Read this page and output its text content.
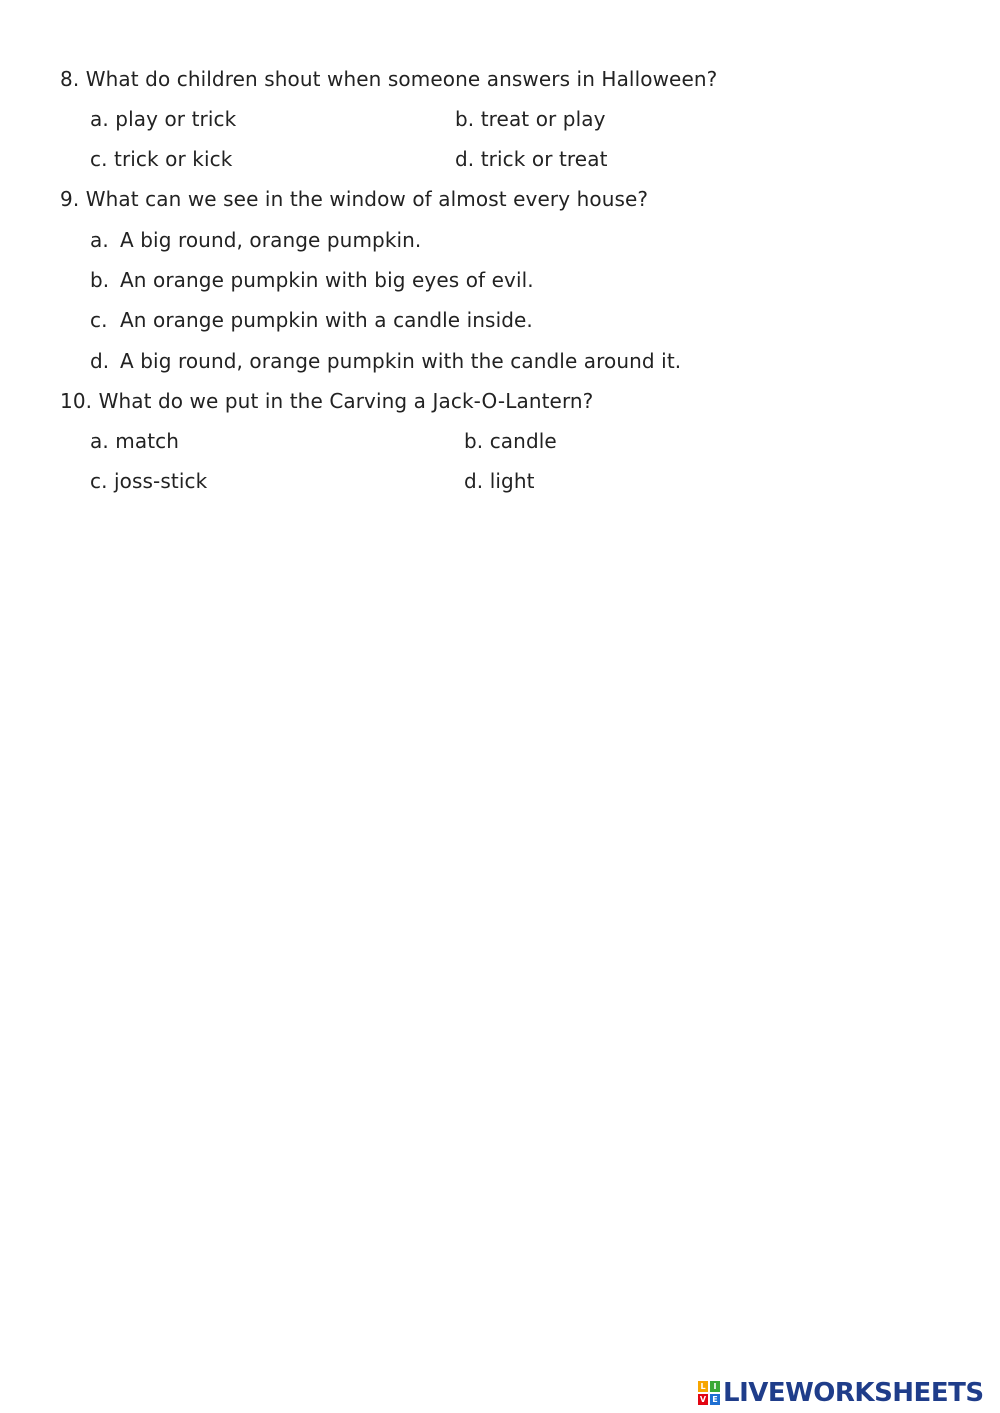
8. What do children shout when someone answers in Halloween?
a. play or trick	b. treat or play
c. trick or kick	d. trick or treat
9. What can we see in the window of almost every house?
a. A big round, orange pumpkin.
b. An orange pumpkin with big eyes of evil.
c. An orange pumpkin with a candle inside.
d. A big round, orange pumpkin with the candle around it.
10. What do we put in the Carving a Jack-O-Lantern?
a. match	b. candle
c. joss-stick	d. light
L I
V E LIVEWORKSHEETS
